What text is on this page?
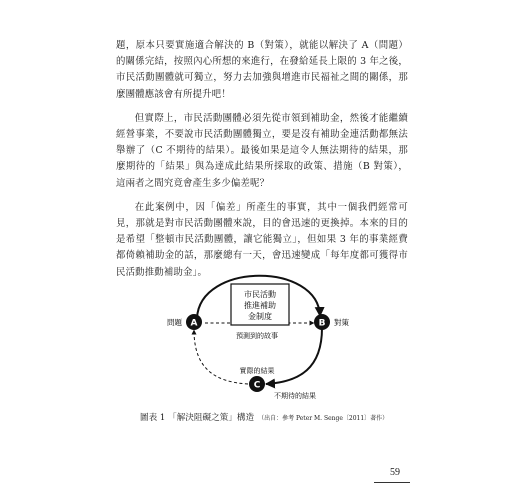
題，原本只要實施適合解決的 B（對策），就能以解決了 A（問題）的關係完結，按照內心所想的來進行，在發給延長上限的 3 年之後，市民活動團體就可獨立，努力去加強與增進市民福祉之間的關係，那麼團體應該會有所提升吧！

但實際上，市民活動團體必須先從市領到補助金，然後才能繼續經營事業，不要說市民活動團體獨立，要是沒有補助金連活動都無法舉辦了（C 不期待的結果）。最後如果是這令人無法期待的結果，那麼期待的「結果」與為達成此結果所採取的政策、措施（B 對策），這兩者之間究竟會產生多少偏差呢？

在此案例中，因「偏差」所產生的事實，其中一個我們經常可見，那就是對市民活動團體來說，目的會迅速的更換掉。本來的目的是希望「整頓市民活動團體，讓它能獨立」，但如果 3 年的事業經費都倚賴補助金的話，那麼總有一天，會迅速變成「每年度都可獲得市民活動推動補助金」。

市民活動
推進補助
金制度
A	B
C
問題	對策
預測到的故事
實際的結果
不期待的結果
圖表 1 「解決阻礙之策」構造 （出自：參考 Peter M. Senge〔2011〕著作）
59
